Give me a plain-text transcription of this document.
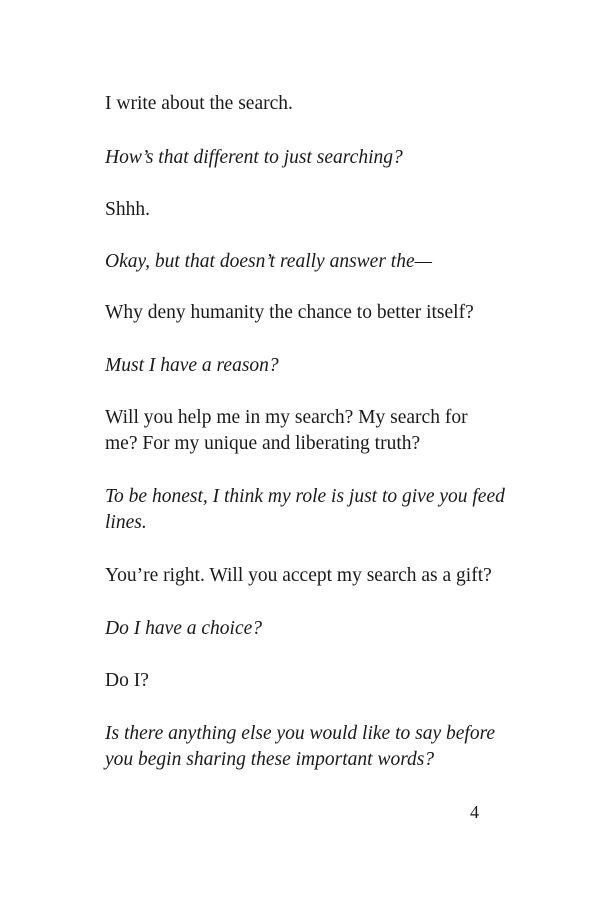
I write about the search.

How’s that different to just searching?

Shhh.

Okay, but that doesn’t really answer the—

Why deny humanity the chance to better itself?

Must I have a reason?

Will you help me in my search? My search for

me? For my unique and liberating truth?

To be honest, I think my role is just to give you feed

lines.

You’re right. Will you accept my search as a gift?

Do I have a choice?

Do I?

Is there anything else you would like to say before

you begin sharing these important words?

4
